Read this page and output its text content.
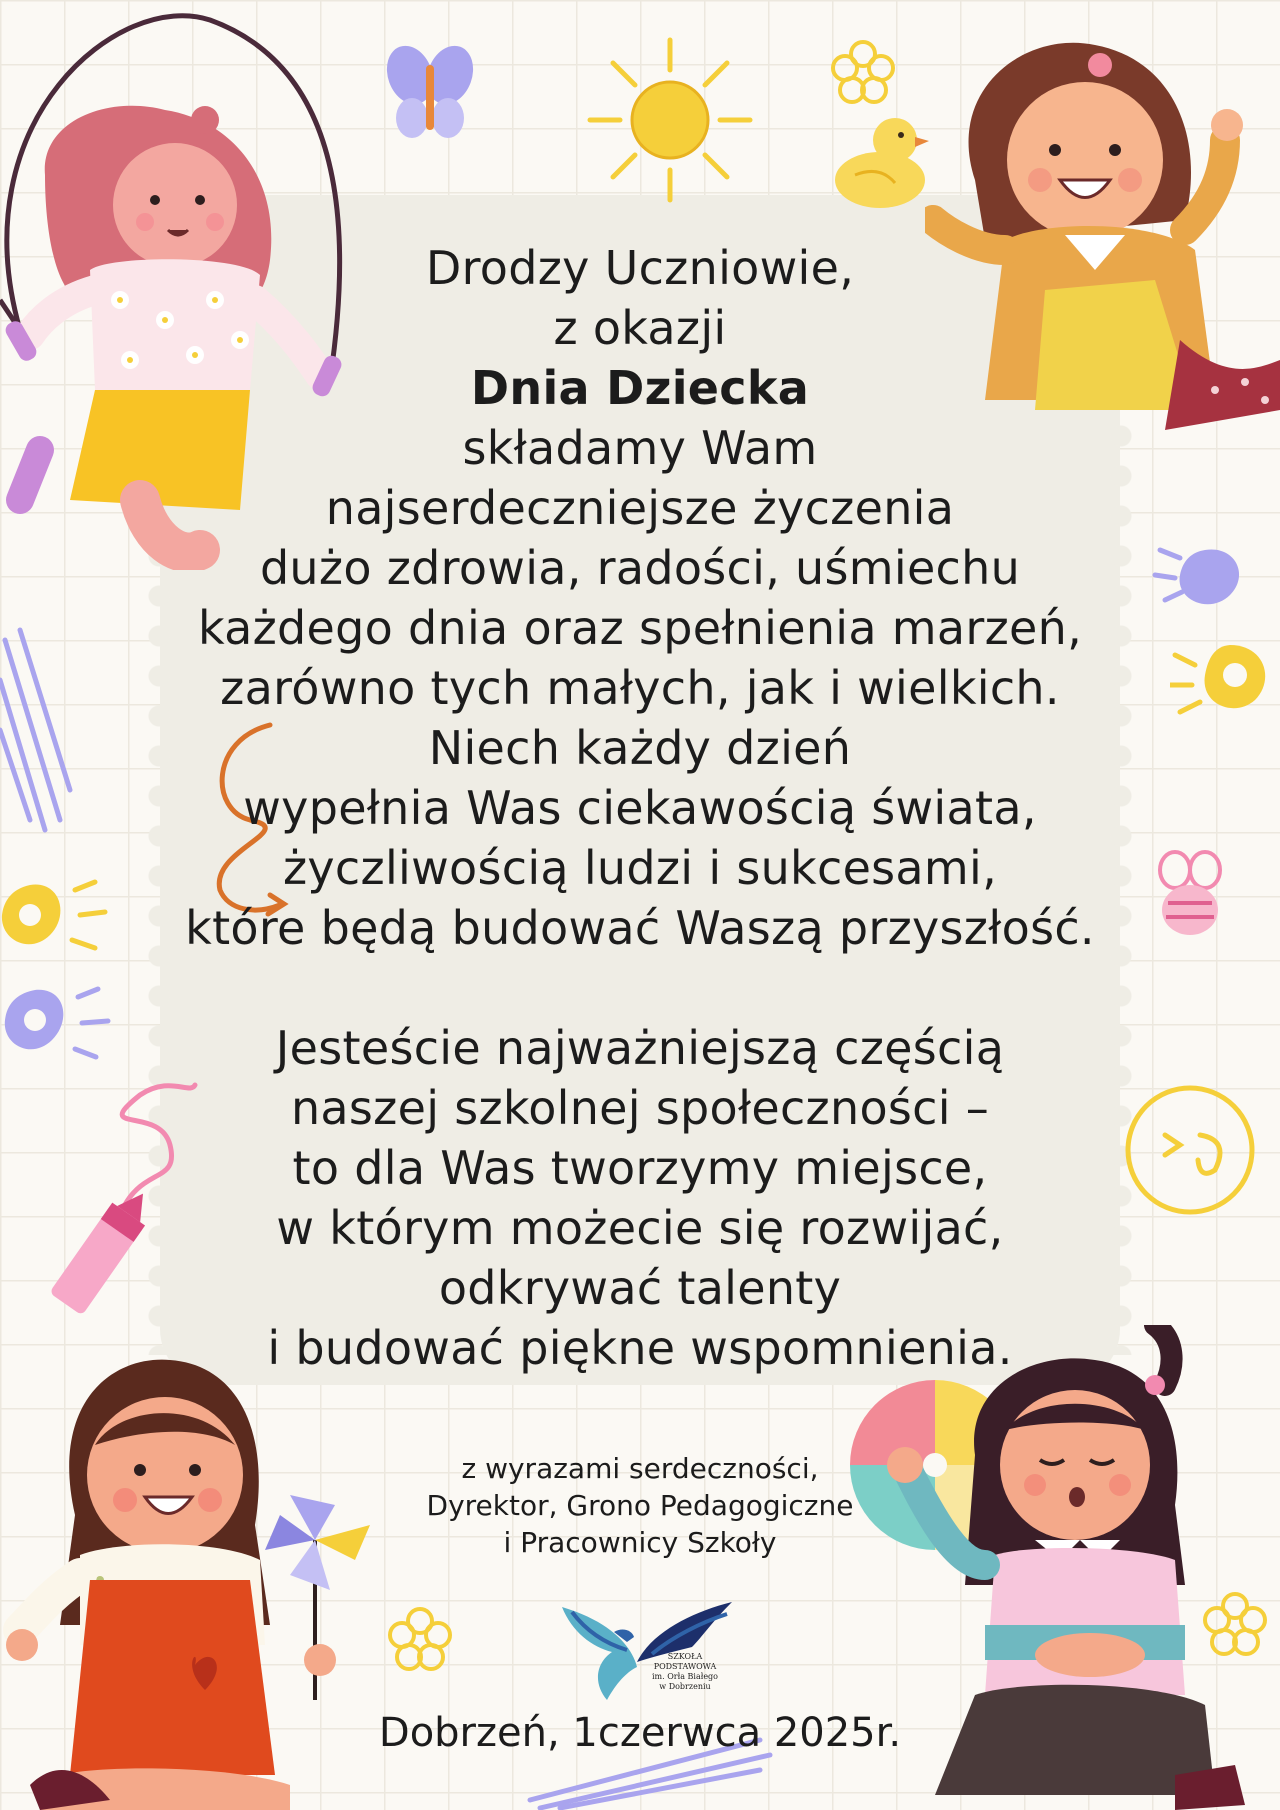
Drodzy Uczniowie,

z okazji

Dnia Dziecka

składamy Wam

najserdeczniejsze życzenia

dużo zdrowia, radości, uśmiechu

każdego dnia oraz spełnienia marzeń,

zarówno tych małych, jak i wielkich.

Niech każdy dzień

wypełnia Was ciekawością świata,

życzliwością ludzi i sukcesami,

które będą budować Waszą przyszłość.

Jesteście najważniejszą częścią

naszej szkolnej społeczności –

to dla Was tworzymy miejsce,

w którym możecie się rozwijać,

odkrywać talenty

i budować piękne wspomnienia.

z wyrazami serdeczności,

Dyrektor, Grono Pedagogiczne

i Pracownicy Szkoły

SZKOŁA PODSTAWOWA
im. Orła Białego
w Dobrzeniu
Dobrzeń, 1czerwca 2025r.
